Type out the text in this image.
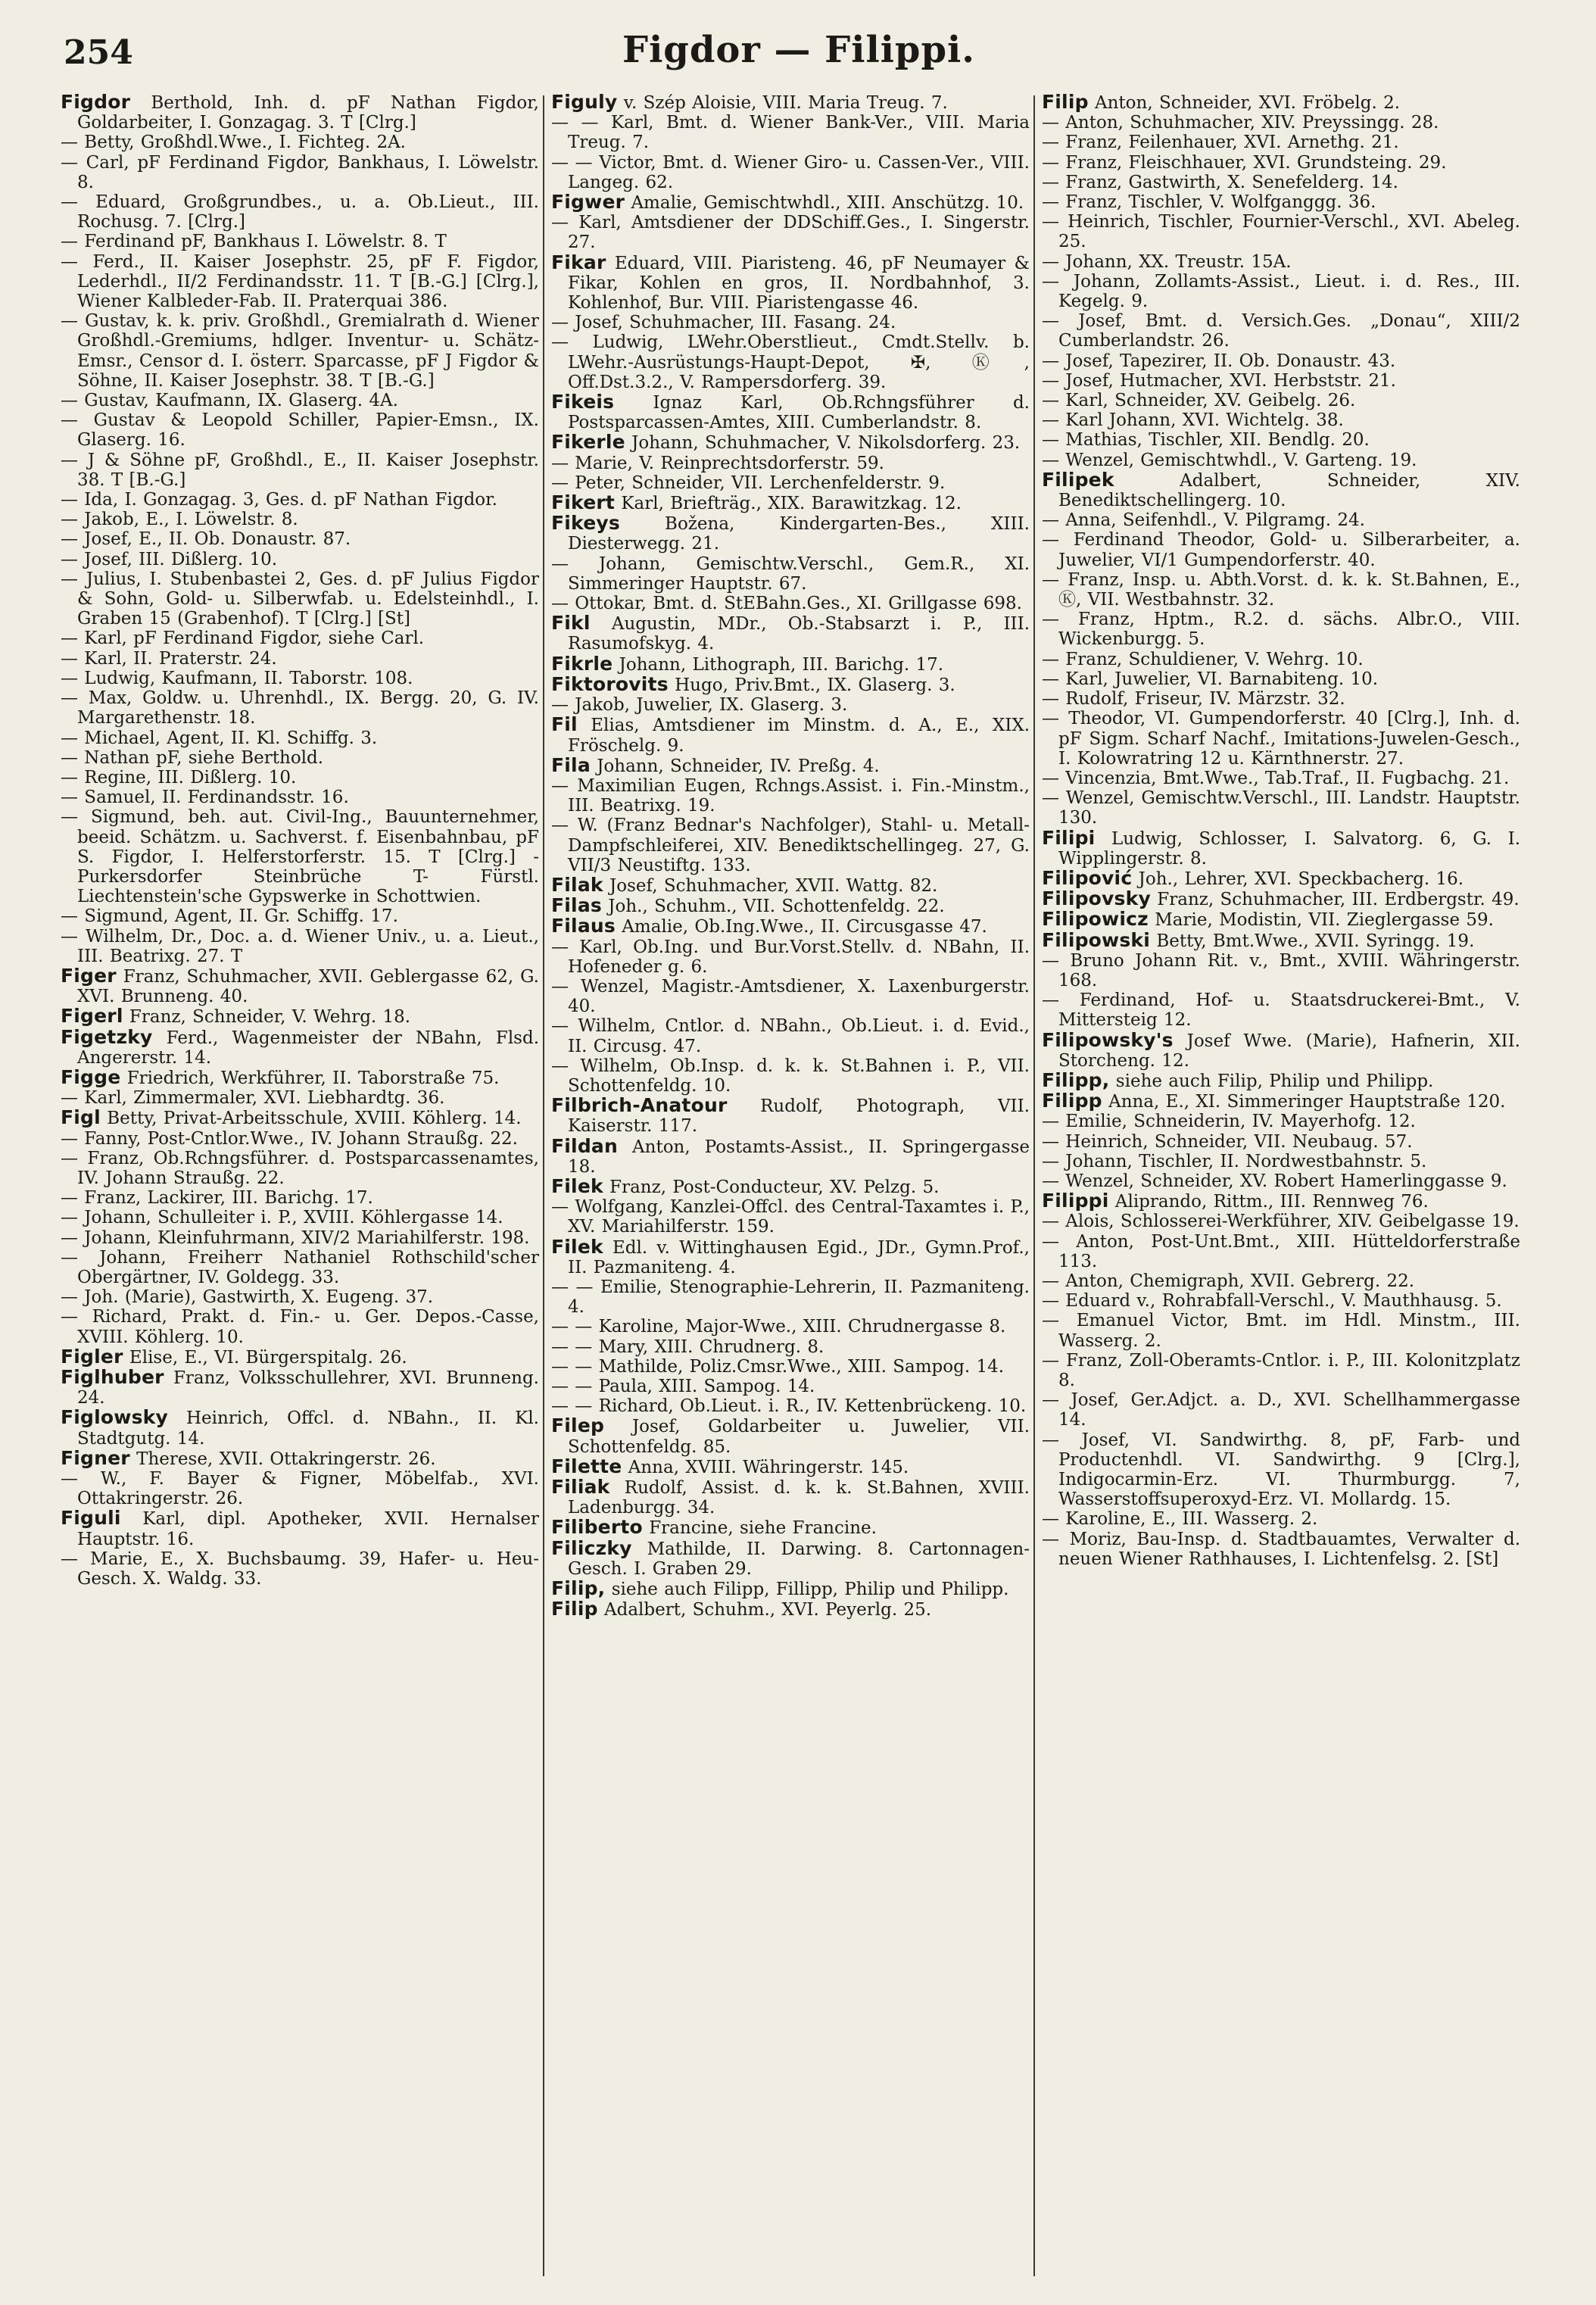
254	Figdor — Filippi.

Figdor Berthold, Inh. d. pF Nathan Figdor, Goldarbeiter, I. Gonzagag. 3. T [Clrg.]

— Betty, Großhdl.Wwe., I. Fichteg. 2A.

— Carl, pF Ferdinand Figdor, Bankhaus, I. Löwelstr. 8.

— Eduard, Großgrundbes., u. a. Ob.Lieut., III. Rochusg. 7. [Clrg.]

— Ferdinand pF, Bankhaus I. Löwelstr. 8. T

— Ferd., II. Kaiser Josephstr. 25, pF F. Figdor, Lederhdl., II/2 Ferdinandsstr. 11. T [B.-G.] [Clrg.], Wiener Kalbleder-Fab. II. Praterquai 386.

— Gustav, k. k. priv. Großhdl., Gremialrath d. Wiener Großhdl.-Gremiums, hdlger. Inventur- u. Schätz-Emsr., Censor d. I. österr. Sparcasse, pF J Figdor & Söhne, II. Kaiser Josephstr. 38. T [B.-G.]

— Gustav, Kaufmann, IX. Glaserg. 4A.

— Gustav & Leopold Schiller, Papier-Emsn., IX. Glaserg. 16.

— J & Söhne pF, Großhdl., E., II. Kaiser Josephstr. 38. T [B.-G.]

— Ida, I. Gonzagag. 3, Ges. d. pF Nathan Figdor.

— Jakob, E., I. Löwelstr. 8.

— Josef, E., II. Ob. Donaustr. 87.

— Josef, III. Dißlerg. 10.

— Julius, I. Stubenbastei 2, Ges. d. pF Julius Figdor & Sohn, Gold- u. Silberwfab. u. Edelsteinhdl., I. Graben 15 (Grabenhof). T [Clrg.] [St]

— Karl, pF Ferdinand Figdor, siehe Carl.

— Karl, II. Praterstr. 24.

— Ludwig, Kaufmann, II. Taborstr. 108.

— Max, Goldw. u. Uhrenhdl., IX. Bergg. 20, G. IV. Margarethenstr. 18.

— Michael, Agent, II. Kl. Schiffg. 3.

— Nathan pF, siehe Berthold.

— Regine, III. Dißlerg. 10.

— Samuel, II. Ferdinandsstr. 16.

— Sigmund, beh. aut. Civil-Ing., Bauunternehmer, beeid. Schätzm. u. Sachverst. f. Eisenbahnbau, pF S. Figdor, I. Helferstorferstr. 15. T [Clrg.] -Purkersdorfer Steinbrüche T- Fürstl. Liechtenstein'sche Gypswerke in Schottwien.

— Sigmund, Agent, II. Gr. Schiffg. 17.

— Wilhelm, Dr., Doc. a. d. Wiener Univ., u. a. Lieut., III. Beatrixg. 27. T

Figer Franz, Schuhmacher, XVII. Geblergasse 62, G. XVI. Brunneng. 40.

Figerl Franz, Schneider, V. Wehrg. 18.

Figetzky Ferd., Wagenmeister der NBahn, Flsd. Angererstr. 14.

Figge Friedrich, Werkführer, II. Taborstraße 75.

— Karl, Zimmermaler, XVI. Liebhardtg. 36.

Figl Betty, Privat-Arbeitsschule, XVIII. Köhlerg. 14.

— Fanny, Post-Cntlor.Wwe., IV. Johann Straußg. 22.

— Franz, Ob.Rchngsführer. d. Postsparcassenamtes, IV. Johann Straußg. 22.

— Franz, Lackirer, III. Barichg. 17.

— Johann, Schulleiter i. P., XVIII. Köhlergasse 14.

— Johann, Kleinfuhrmann, XIV/2 Mariahilferstr. 198.

— Johann, Freiherr Nathaniel Rothschild'scher Obergärtner, IV. Goldegg. 33.

— Joh. (Marie), Gastwirth, X. Eugeng. 37.

— Richard, Prakt. d. Fin.- u. Ger. Depos.-Casse, XVIII. Köhlerg. 10.

Figler Elise, E., VI. Bürgerspitalg. 26.

Figlhuber Franz, Volksschullehrer, XVI. Brunneng. 24.

Figlowsky Heinrich, Offcl. d. NBahn., II. Kl. Stadtgutg. 14.

Figner Therese, XVII. Ottakringerstr. 26.

— W., F. Bayer & Figner, Möbelfab., XVI. Ottakringerstr. 26.

Figuli Karl, dipl. Apotheker, XVII. Hernalser Hauptstr. 16.

— Marie, E., X. Buchsbaumg. 39, Hafer- u. Heu-Gesch. X. Waldg. 33.

Figuly v. Szép Aloisie, VIII. Maria Treug. 7.

— — Karl, Bmt. d. Wiener Bank-Ver., VIII. Maria Treug. 7.

— — Victor, Bmt. d. Wiener Giro- u. Cassen-Ver., VIII. Langeg. 62.

Figwer Amalie, Gemischtwhdl., XIII. Anschützg. 10.

— Karl, Amtsdiener der DDSchiff.Ges., I. Singerstr. 27.

Fikar Eduard, VIII. Piaristeng. 46, pF Neumayer & Fikar, Kohlen en gros, II. Nordbahnhof, 3. Kohlenhof, Bur. VIII. Piaristengasse 46.

— Josef, Schuhmacher, III. Fasang. 24.

— Ludwig, LWehr.Oberstlieut., Cmdt.Stellv. b. LWehr.-Ausrüstungs-Haupt-Depot, ✠, Ⓚ, Off.Dst.3.2., V. Rampersdorferg. 39.

Fikeis Ignaz Karl, Ob.Rchngsführer d. Postsparcassen-Amtes, XIII. Cumberlandstr. 8.

Fikerle Johann, Schuhmacher, V. Nikolsdorferg. 23.

— Marie, V. Reinprechtsdorferstr. 59.

— Peter, Schneider, VII. Lerchenfelderstr. 9.

Fikert Karl, Briefträg., XIX. Barawitzkag. 12.

Fikeys	Božena, Kindergarten-Bes., XIII. Diesterwegg. 21.

— Johann, Gemischtw.Verschl., Gem.R., XI. Simmeringer Hauptstr. 67.

— Ottokar, Bmt. d. StEBahn.Ges., XI. Grillgasse 698.

Fikl Augustin, MDr., Ob.-Stabsarzt i. P., III. Rasumofskyg. 4.

Fikrle Johann, Lithograph, III. Barichg. 17.

Fiktorovits Hugo, Priv.Bmt., IX. Glaserg. 3.

— Jakob, Juwelier, IX. Glaserg. 3.

Fil Elias, Amtsdiener im Minstm. d. A., E., XIX. Fröschelg. 9.

Fila Johann, Schneider, IV. Preßg. 4.

— Maximilian Eugen, Rchngs.Assist. i. Fin.-Minstm., III. Beatrixg. 19.

— W. (Franz Bednar's Nachfolger), Stahl- u. Metall-Dampfschleiferei, XIV. Benediktschellingeg. 27, G. VII/3 Neustiftg. 133.

Filak Josef, Schuhmacher, XVII. Wattg. 82.

Filas Joh., Schuhm., VII. Schottenfeldg. 22.

Filaus Amalie, Ob.Ing.Wwe., II. Circusgasse 47.

— Karl, Ob.Ing. und Bur.Vorst.Stellv. d. NBahn, II. Hofeneder g. 6.

— Wenzel, Magistr.-Amtsdiener, X. Laxenburgerstr. 40.

— Wilhelm, Cntlor. d. NBahn., Ob.Lieut. i. d. Evid., II. Circusg. 47.

— Wilhelm, Ob.Insp. d. k. k. St.Bahnen i. P., VII. Schottenfeldg. 10.

Filbrich-Anatour Rudolf, Photograph, VII. Kaiserstr. 117.

Fildan Anton, Postamts-Assist., II. Springergasse 18.

Filek Franz, Post-Conducteur, XV. Pelzg. 5.

— Wolfgang, Kanzlei-Offcl. des Central-Taxamtes i. P., XV. Mariahilferstr. 159.

Filek Edl. v. Wittinghausen Egid., JDr., Gymn.Prof., II. Pazmaniteng. 4.

— — Emilie, Stenographie-Lehrerin, II. Pazmaniteng. 4.

— — Karoline, Major-Wwe., XIII. Chrudnergasse 8.

— — Mary, XIII. Chrudnerg. 8.

— — Mathilde, Poliz.Cmsr.Wwe., XIII. Sampog. 14.

— — Paula, XIII. Sampog. 14.

— — Richard, Ob.Lieut. i. R., IV. Kettenbrückeng. 10.

Filep Josef, Goldarbeiter u. Juwelier, VII. Schottenfeldg. 85.

Filette Anna, XVIII. Währingerstr. 145.

Filiak Rudolf, Assist. d. k. k. St.Bahnen, XVIII. Ladenburgg. 34.

Filiberto Francine, siehe Francine.

Filiczky Mathilde, II. Darwing. 8. Cartonnagen-Gesch. I. Graben 29.

Filip, siehe auch Filipp, Fillipp, Philip und Philipp.

Filip Adalbert, Schuhm., XVI. Peyerlg. 25.

Filip Anton, Schneider, XVI. Fröbelg. 2.

— Anton, Schuhmacher, XIV. Preyssingg. 28.

— Franz, Feilenhauer, XVI. Arnethg. 21.

— Franz, Fleischhauer, XVI. Grundsteing. 29.

— Franz, Gastwirth, X. Senefelderg. 14.

— Franz, Tischler, V. Wolfganggg. 36.

— Heinrich, Tischler, Fournier-Verschl., XVI. Abeleg. 25.

— Johann, XX. Treustr. 15A.

— Johann, Zollamts-Assist., Lieut. i. d. Res., III. Kegelg. 9.

— Josef, Bmt. d. Versich.Ges. „Donau“, XIII/2 Cumberlandstr. 26.

— Josef, Tapezirer, II. Ob. Donaustr. 43.

— Josef, Hutmacher, XVI. Herbststr. 21.

— Karl, Schneider, XV. Geibelg. 26.

— Karl Johann, XVI. Wichtelg. 38.

— Mathias, Tischler, XII. Bendlg. 20.

— Wenzel, Gemischtwhdl., V. Garteng. 19.

Filipek	Adalbert, Schneider, XIV. Benediktschellingerg. 10.

— Anna, Seifenhdl., V. Pilgramg. 24.

— Ferdinand Theodor, Gold- u. Silberarbeiter, a. Juwelier, VI/1 Gumpendorferstr. 40.

— Franz, Insp. u. Abth.Vorst. d. k. k. St.Bahnen, E., Ⓚ, VII. Westbahnstr. 32.

— Franz, Hptm., R.2. d. sächs. Albr.O., VIII. Wickenburgg. 5.

— Franz, Schuldiener, V. Wehrg. 10.

— Karl, Juwelier, VI. Barnabiteng. 10.

— Rudolf, Friseur, IV. Märzstr. 32.

— Theodor, VI. Gumpendorferstr. 40 [Clrg.], Inh. d. pF Sigm. Scharf Nachf., Imitations-Juwelen-Gesch., I. Kolowratring 12 u. Kärnthnerstr. 27.

— Vincenzia, Bmt.Wwe., Tab.Traf., II. Fugbachg. 21.

— Wenzel, Gemischtw.Verschl., III. Landstr. Hauptstr. 130.

Filipi Ludwig, Schlosser, I. Salvatorg. 6, G. I. Wipplingerstr. 8.

Filipović Joh., Lehrer, XVI. Speckbacherg. 16.

Filipovsky Franz, Schuhmacher, III. Erdbergstr. 49.

Filipowicz Marie, Modistin, VII. Zieglergasse 59.

Filipowski Betty, Bmt.Wwe., XVII. Syringg. 19.

— Bruno Johann Rit. v., Bmt., XVIII. Währingerstr. 168.

— Ferdinand, Hof- u. Staatsdruckerei-Bmt., V. Mittersteig 12.

Filipowsky's Josef Wwe. (Marie), Hafnerin, XII. Storcheng. 12.

Filipp, siehe auch Filip, Philip und Philipp.

Filipp Anna, E., XI. Simmeringer Hauptstraße 120.

— Emilie, Schneiderin, IV. Mayerhofg. 12.

— Heinrich, Schneider, VII. Neubaug. 57.

— Johann, Tischler, II. Nordwestbahnstr. 5.

— Wenzel, Schneider, XV. Robert Hamerlinggasse 9.

Filippi Aliprando, Rittm., III. Rennweg 76.

— Alois, Schlosserei-Werkführer, XIV. Geibelgasse 19.

— Anton, Post-Unt.Bmt., XIII. Hütteldorferstraße 113.

— Anton, Chemigraph, XVII. Gebrerg. 22.

— Eduard v., Rohrabfall-Verschl., V. Mauthhausg. 5.

— Emanuel Victor, Bmt. im Hdl. Minstm., III. Wasserg. 2.

— Franz, Zoll-Oberamts-Cntlor. i. P., III. Kolonitzplatz 8.

— Josef, Ger.Adjct. a. D., XVI. Schellhammergasse 14.

— Josef, VI. Sandwirthg. 8, pF, Farb- und Productenhdl. VI. Sandwirthg. 9 [Clrg.], Indigocarmin-Erz. VI. Thurmburgg. 7, Wasserstoffsuperoxyd-Erz. VI. Mollardg. 15.

— Karoline, E., III. Wasserg. 2.

— Moriz, Bau-Insp. d. Stadtbauamtes, Verwalter d. neuen Wiener Rathhauses, I. Lichtenfelsg. 2. [St]
